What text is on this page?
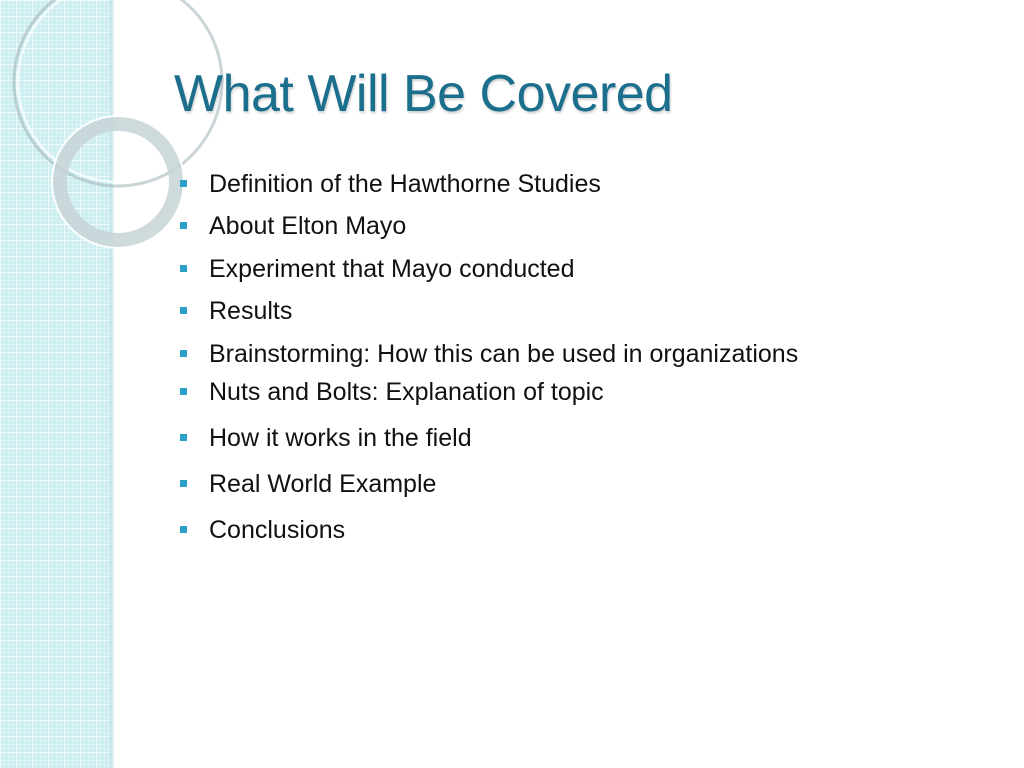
What Will Be Covered
Definition of the Hawthorne Studies
About Elton Mayo
Experiment that Mayo conducted
Results
Brainstorming: How this can be used in organizations
Nuts and Bolts: Explanation of topic
How it works in the field
Real World Example
Conclusions
